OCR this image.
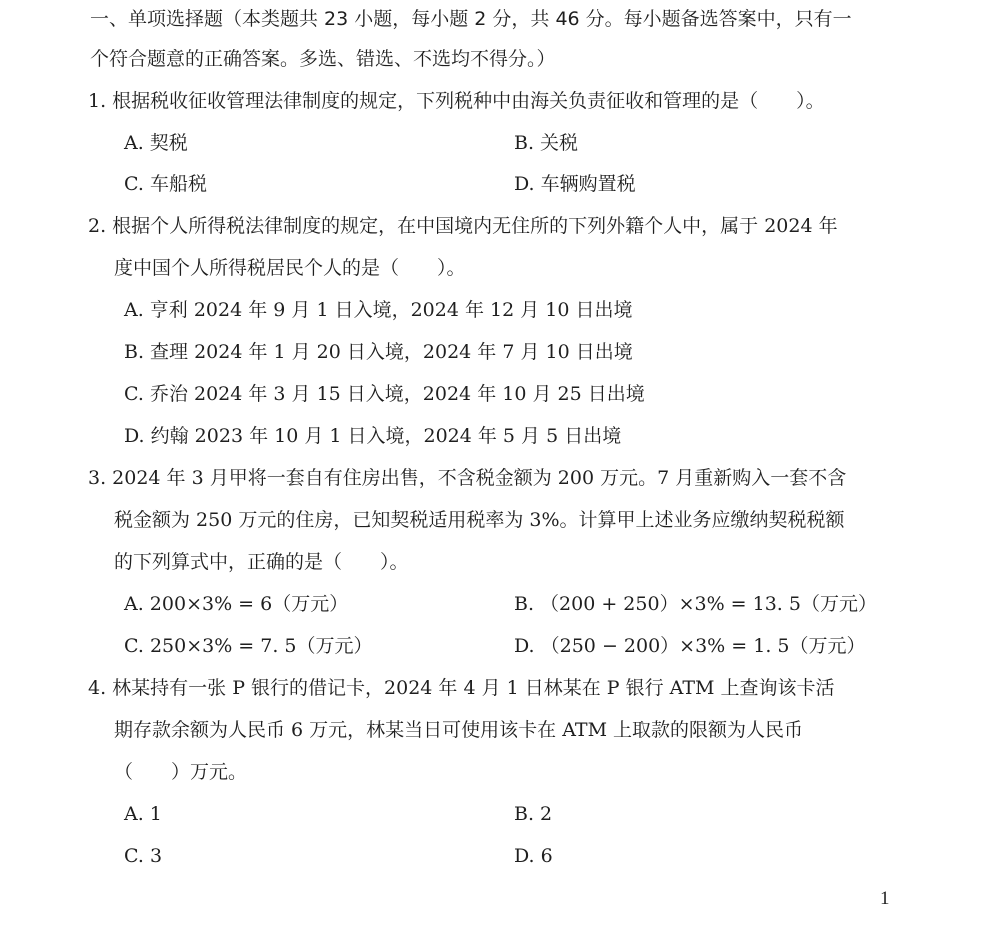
一、单项选择题（本类题共 23 小题，每小题 2 分，共 46 分。每小题备选答案中，只有一
个符合题意的正确答案。多选、错选、不选均不得分。）
1. 根据税收征收管理法律制度的规定，下列税种中由海关负责征收和管理的是（　　）。
A. 契税	B. 关税
C. 车船税	D. 车辆购置税
2. 根据个人所得税法律制度的规定，在中国境内无住所的下列外籍个人中，属于 2024 年
度中国个人所得税居民个人的是（　　）。
A. 亨利 2024 年 9 月 1 日入境，2024 年 12 月 10 日出境
B. 查理 2024 年 1 月 20 日入境，2024 年 7 月 10 日出境
C. 乔治 2024 年 3 月 15 日入境，2024 年 10 月 25 日出境
D. 约翰 2023 年 10 月 1 日入境，2024 年 5 月 5 日出境
3. 2024 年 3 月甲将一套自有住房出售，不含税金额为 200 万元。7 月重新购入一套不含
税金额为 250 万元的住房，已知契税适用税率为 3%。计算甲上述业务应缴纳契税税额
的下列算式中，正确的是（　　）。
A. 200×3% = 6（万元）	B. （200 + 250）×3% = 13. 5（万元）
C. 250×3% = 7. 5（万元）	D. （250 − 200）×3% = 1. 5（万元）
4. 林某持有一张 P 银行的借记卡，2024 年 4 月 1 日林某在 P 银行 ATM 上查询该卡活
期存款余额为人民币 6 万元，林某当日可使用该卡在 ATM 上取款的限额为人民币
（　　）万元。
A. 1	B. 2
C. 3	D. 6
1
